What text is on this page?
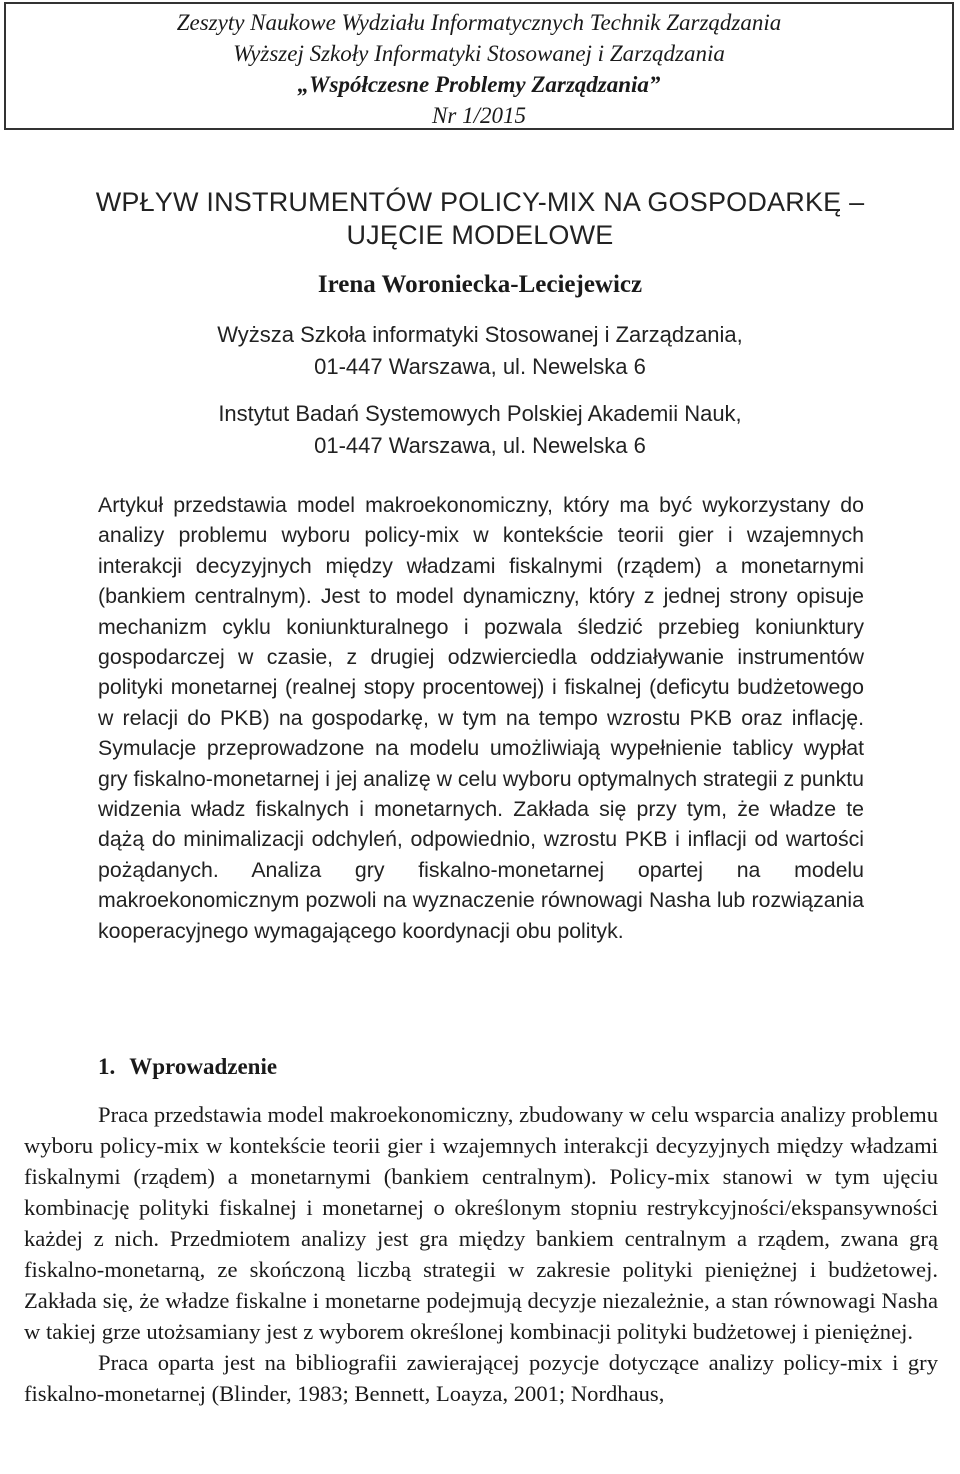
Zeszyty Naukowe Wydziału Informatycznych Technik Zarządzania
Wyższej Szkoły Informatyki Stosowanej i Zarządzania
„Współczesne Problemy Zarządzania”
Nr 1/2015
WPŁYW INSTRUMENTÓW POLICY-MIX NA GOSPODARKĘ –
UJĘCIE MODELOWE
Irena Woroniecka-Leciejewicz
Wyższa Szkoła informatyki Stosowanej i Zarządzania,
01-447 Warszawa, ul. Newelska 6
Instytut Badań Systemowych Polskiej Akademii Nauk,
01-447 Warszawa, ul. Newelska 6

Artykuł przedstawia model makroekonomiczny, który ma być wykorzystany do analizy problemu wyboru policy-mix w kontekście teorii gier i wzajemnych interakcji decyzyjnych między władzami fiskalnymi (rządem) a monetarnymi (bankiem centralnym). Jest to model dynamiczny, który z jednej strony opisuje mechanizm cyklu koniunkturalnego i pozwala śledzić przebieg koniunktury gospodarczej w czasie, z drugiej odzwierciedla oddziaływanie instrumentów polityki monetarnej (realnej stopy procentowej) i fiskalnej (deficytu budżetowego w relacji do PKB) na gospodarkę, w tym na tempo wzrostu PKB oraz inflację. Symulacje przeprowadzone na modelu umożliwiają wypełnienie tablicy wypłat gry fiskalno-monetarnej i jej analizę w celu wyboru optymalnych strategii z punktu widzenia władz fiskalnych i monetarnych. Zakłada się przy tym, że władze te dążą do minimalizacji odchyleń, odpowiednio, wzrostu PKB i inflacji od wartości pożądanych. Analiza gry fiskalno-monetarnej opartej na modelu makroekonomicznym pozwoli na wyznaczenie równowagi Nasha lub rozwiązania kooperacyjnego wymagającego koordynacji obu polityk.

1. Wprowadzenie

Praca przedstawia model makroekonomiczny, zbudowany w celu wsparcia analizy problemu wyboru policy-mix w kontekście teorii gier i wzajemnych interakcji decyzyjnych między władzami fiskalnymi (rządem) a monetarnymi (bankiem centralnym). Policy-mix stanowi w tym ujęciu kombinację polityki fiskalnej i monetarnej o określonym stopniu restrykcyjności/ekspansywności każdej z nich. Przedmiotem analizy jest gra między bankiem centralnym a rządem, zwana grą fiskalno-monetarną, ze skończoną liczbą strategii w zakresie polityki pieniężnej i budżetowej. Zakłada się, że władze fiskalne i monetarne podejmują decyzje niezależnie, a stan równowagi Nasha w takiej grze utożsamiany jest z wyborem określonej kombinacji polityki budżetowej i pieniężnej.

Praca oparta jest na bibliografii zawierającej pozycje dotyczące analizy policy-mix i gry fiskalno-monetarnej (Blinder, 1983; Bennett, Loayza, 2001; Nordhaus,
